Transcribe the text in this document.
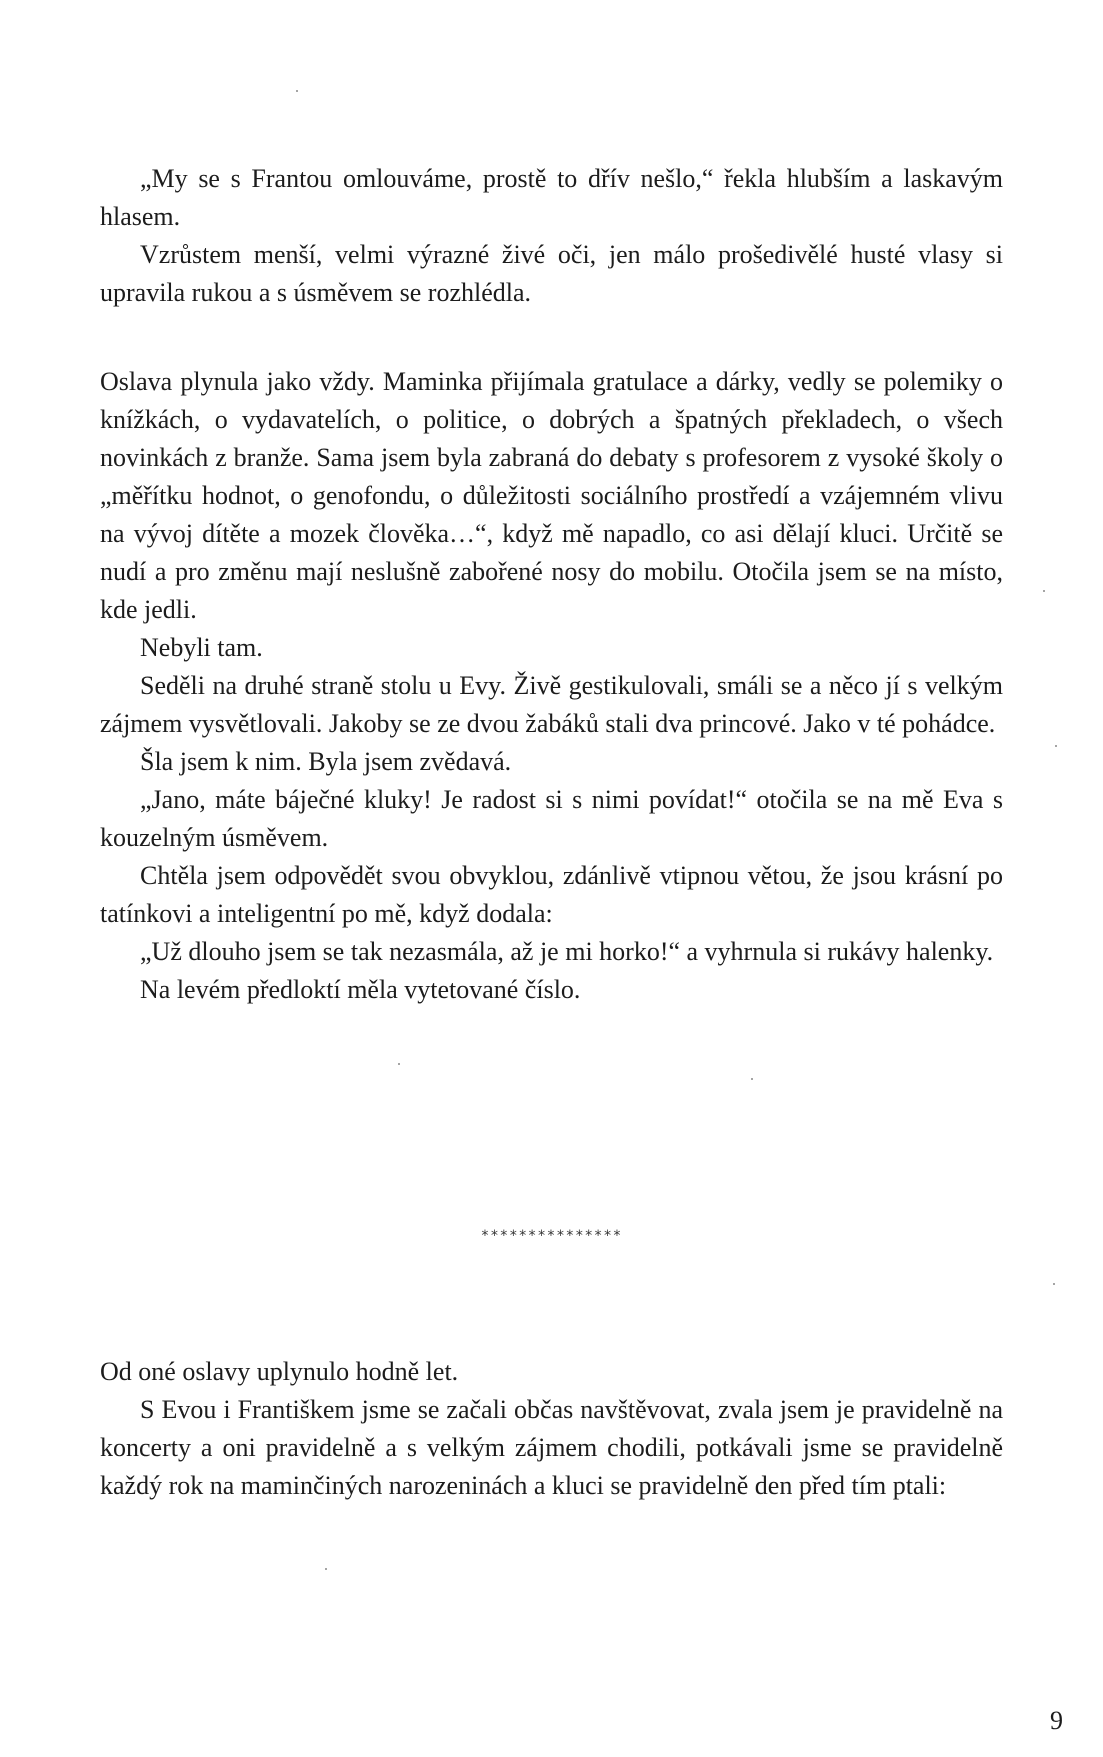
„My se s Frantou omlouváme, prostě to dřív nešlo,“ řekla hlubším a laskavým hlasem.

Vzrůstem menší, velmi výrazné živé oči, jen málo prošedivělé husté vlasy si upravila rukou a s úsměvem se rozhlédla.

Oslava plynula jako vždy. Maminka přijímala gratulace a dárky, vedly se polemiky o knížkách, o vydavatelích, o politice, o dobrých a špatných překladech, o všech novinkách z branže. Sama jsem byla zabraná do debaty s profesorem z vysoké školy o „měřítku hodnot, o genofondu, o důležitosti sociálního prostředí a vzájemném vlivu na vývoj dítěte a mozek člověka…“, když mě napadlo, co asi dělají kluci. Určitě se nudí a pro změnu mají neslušně zabořené nosy do mobilu. Otočila jsem se na místo, kde jedli.

Nebyli tam.

Seděli na druhé straně stolu u Evy. Živě gestikulovali, smáli se a něco jí s velkým zájmem vysvětlovali. Jakoby se ze dvou žabáků stali dva princové. Jako v té pohádce.

Šla jsem k nim. Byla jsem zvědavá.

„Jano, máte báječné kluky! Je radost si s nimi povídat!“ otočila se na mě Eva s kouzelným úsměvem.

Chtěla jsem odpovědět svou obvyklou, zdánlivě vtipnou větou, že jsou krásní po tatínkovi a inteligentní po mě, když dodala:

„Už dlouho jsem se tak nezasmála, až je mi horko!“ a vyhrnula si rukávy halenky.

Na levém předloktí měla vytetované číslo.

***************

Od oné oslavy uplynulo hodně let.

S Evou i Františkem jsme se začali občas navštěvovat, zvala jsem je pravidelně na koncerty a oni pravidelně a s velkým zájmem chodili, potkávali jsme se pravidelně každý rok na maminčiných narozeninách a kluci se pravidelně den před tím ptali:

9
